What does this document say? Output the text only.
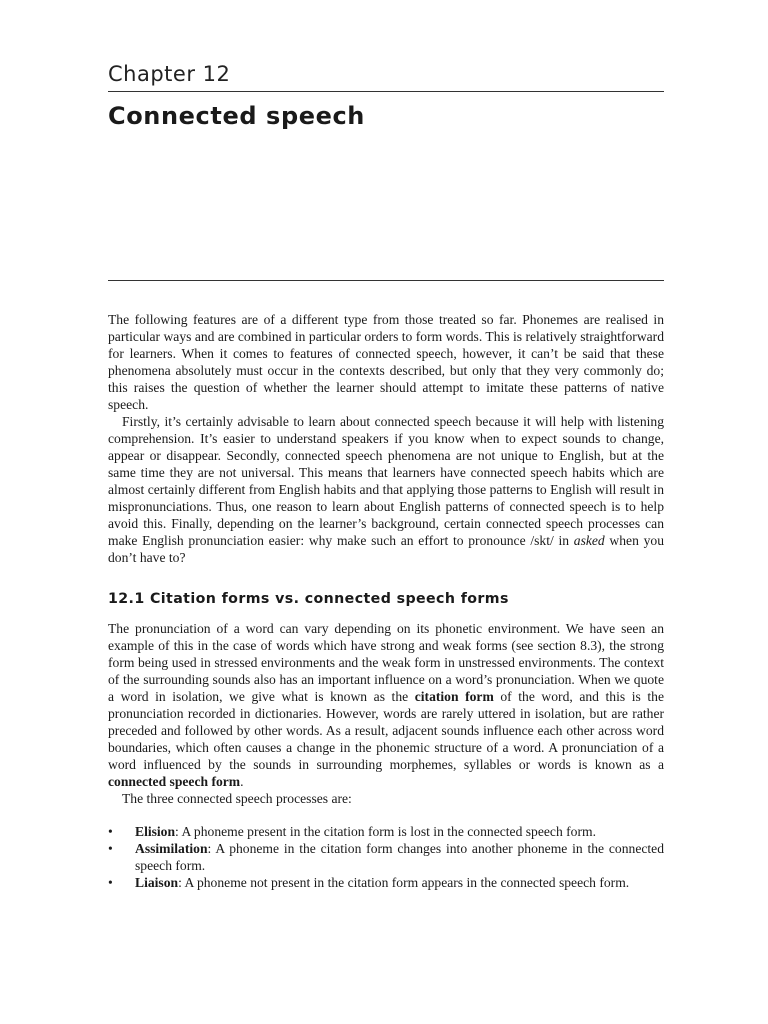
Chapter 12
Connected speech

The following features are of a different type from those treated so far. Phonemes are realised in particular ways and are combined in particular orders to form words. This is relatively straightforward for learners. When it comes to features of connected speech, however, it can’t be said that these phenomena absolutely must occur in the contexts described, but only that they very commonly do; this raises the question of whether the learner should attempt to imitate these patterns of native speech.

Firstly, it’s certainly advisable to learn about connected speech because it will help with listening comprehension. It’s easier to understand speakers if you know when to expect sounds to change, appear or disappear. Secondly, connected speech phenomena are not unique to English, but at the same time they are not universal. This means that learners have connected speech habits which are almost certainly different from English habits and that applying those patterns to English will result in mispronunciations. Thus, one reason to learn about English patterns of connected speech is to help avoid this. Finally, depending on the learner’s background, certain connected speech processes can make English pronunciation easier: why make such an effort to pronounce /skt/ in asked when you don’t have to?

12.1 Citation forms vs. connected speech forms

The pronunciation of a word can vary depending on its phonetic environment. We have seen an example of this in the case of words which have strong and weak forms (see section 8.3), the strong form being used in stressed environments and the weak form in unstressed environments. The context of the surrounding sounds also has an important influence on a word’s pronunciation. When we quote a word in isolation, we give what is known as the citation form of the word, and this is the pronunciation recorded in dictionaries. However, words are rarely uttered in isolation, but are rather preceded and followed by other words. As a result, adjacent sounds influence each other across word boundaries, which often causes a change in the phonemic structure of a word. A pronunciation of a word influenced by the sounds in surrounding morphemes, syllables or words is known as a connected speech form.

The three connected speech processes are:

• Elision: A phoneme present in the citation form is lost in the connected speech form.
• Assimilation: A phoneme in the citation form changes into another phoneme in the connected speech form.
• Liaison: A phoneme not present in the citation form appears in the connected speech form.
